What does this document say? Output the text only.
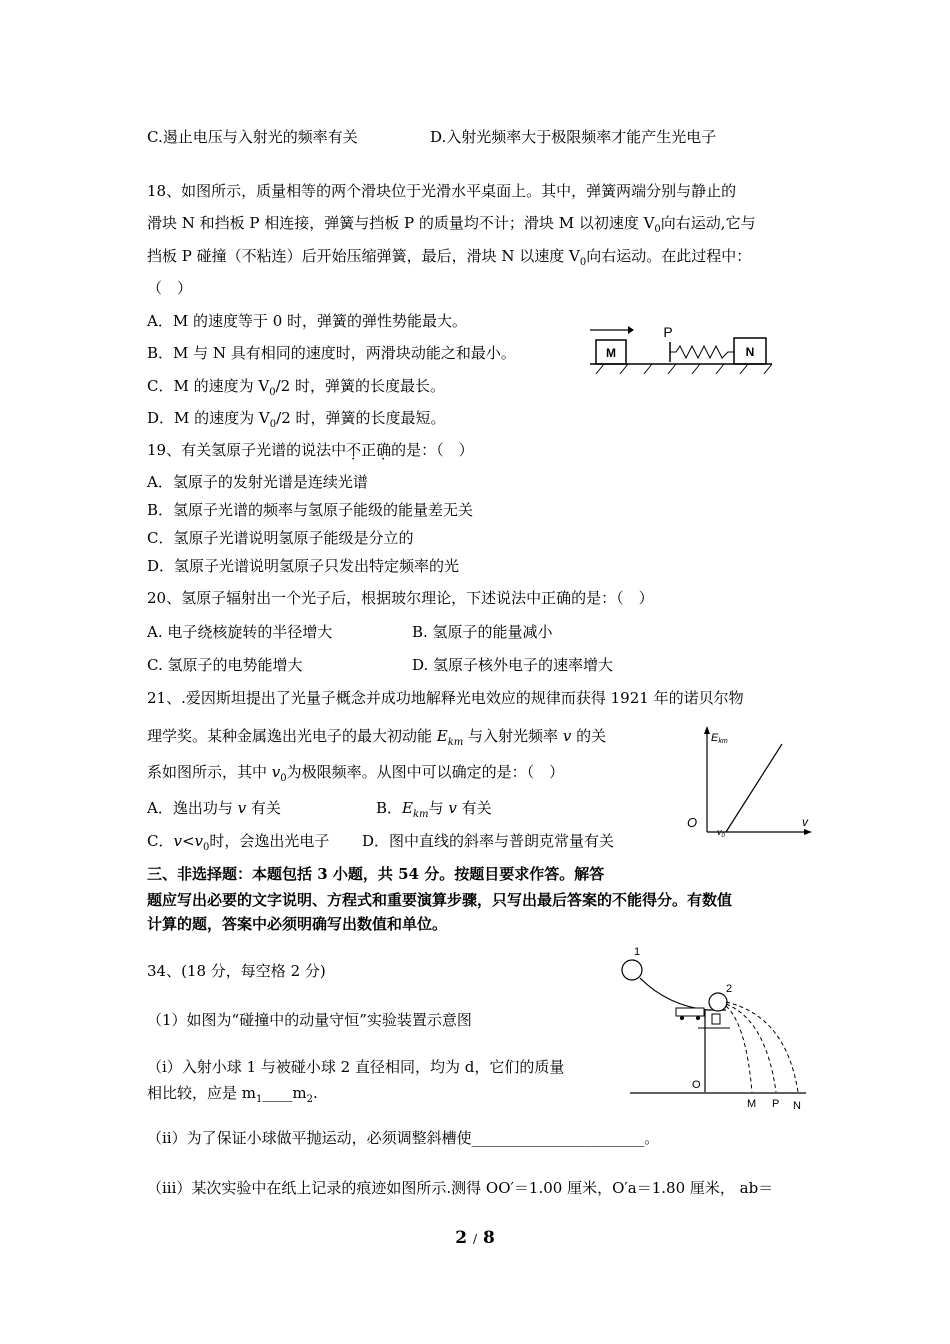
C.遏止电压与入射光的频率有关	D.入射光频率大于极限频率才能产生光电子
18、如图所示，质量相等的两个滑块位于光滑水平桌面上。其中，弹簧两端分别与静止的
滑块 N 和挡板 P 相连接，弹簧与挡板 P 的质量均不计；滑块 M 以初速度 $V_0$向右运动,它与
挡板 P 碰撞（不粘连）后开始压缩弹簧，最后，滑块 N 以速度 $V_0$向右运动。在此过程中：
（　）
A．M 的速度等于 0 时，弹簧的弹性势能最大。
B．M 与 N 具有相同的速度时，两滑块动能之和最小。
C．M 的速度为 $V_0/2$ 时，弹簧的长度最长。
D．M 的速度为 $V_0/2$ 时，弹簧的长度最短。
M
P
N
19、有关氢原子光谱的说法中不正确的是：（　）
A．氢原子的发射光谱是连续光谱
B．氢原子光谱的频率与氢原子能级的能量差无关
C．氢原子光谱说明氢原子能级是分立的
D．氢原子光谱说明氢原子只发出特定频率的光
20、氢原子辐射出一个光子后，根据玻尔理论，下述说法中正确的是：（　）
A. 电子绕核旋转的半径增大	B. 氢原子的能量减小
C. 氢原子的电势能增大	D. 氢原子核外电子的速率增大
21、.爱因斯坦提出了光量子概念并成功地解释光电效应的规律而获得 1921 年的诺贝尔物
理学奖。某种金属逸出光电子的最大初动能 $E_{km}$ 与入射光频率 v 的关
系如图所示，其中 $v_0$为极限频率。从图中可以确定的是：（　）
A．逸出功与 v 有关	B．$E_{km}$与 v 有关
C．$v<v_0$时，会逸出光电子 D．图中直线的斜率与普朗克常量有关
Ekm
v
O
$v_0$
三、非选择题：本题包括 3 小题，共 54 分。按题目要求作答。解答
题应写出必要的文字说明、方程式和重要演算步骤，只写出最后答案的不能得分。有数值
计算的题，答案中必须明确写出数值和单位。
34、(18 分，每空格 2 分)
（1）如图为“碰撞中的动量守恒”实验装置示意图
（i）入射小球 1 与被碰小球 2 直径相同，均为 d，它们的质量
相比较，应是 $m_1\_\_\_\_m_2$.
（ii）为了保证小球做平抛运动，必须调整斜槽使_______________________。
（iii）某次实验中在纸上记录的痕迹如图所示.测得 OO′＝1.00 厘米，O′a＝1.80 厘米， ab＝
1
2
O
M P N
2 / 8
